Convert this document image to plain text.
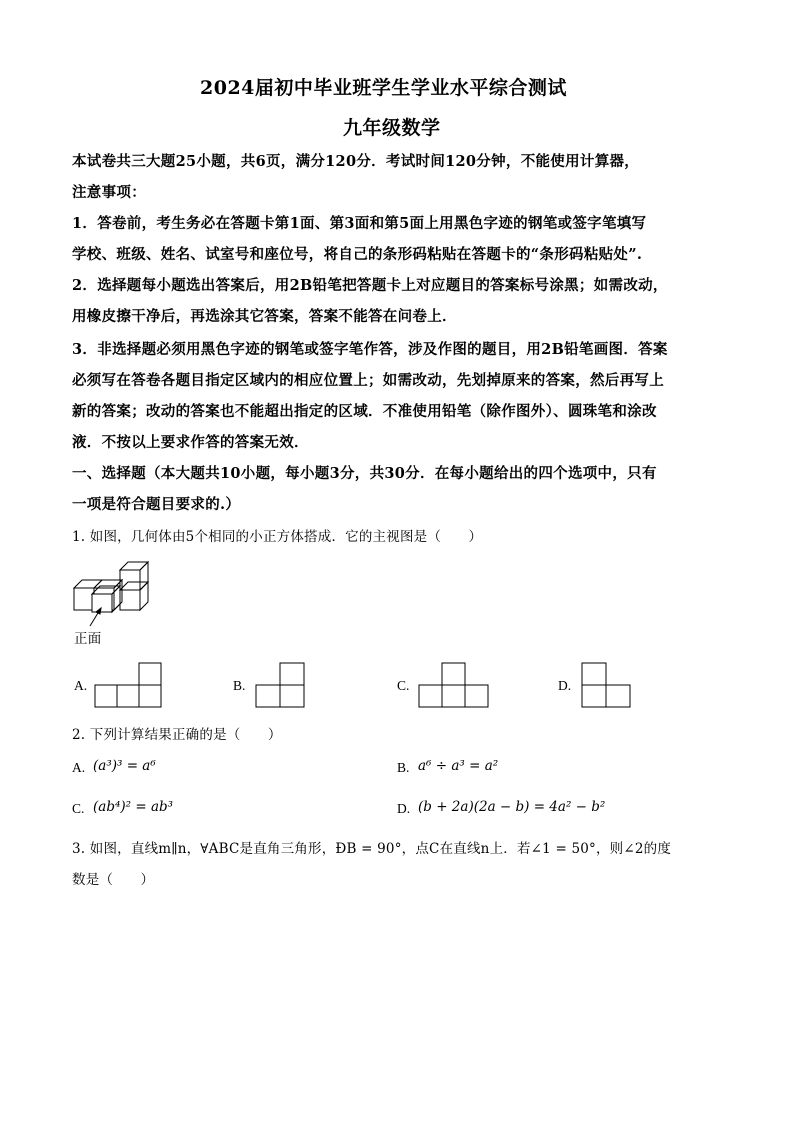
2024届初中毕业班学生学业水平综合测试
九年级数学
本试卷共三大题25小题，共6页，满分120分．考试时间120分钟，不能使用计算器，
注意事项：
1．答卷前，考生务必在答题卡第1面、第3面和第5面上用黑色字迹的钢笔或签字笔填写
学校、班级、姓名、试室号和座位号，将自己的条形码粘贴在答题卡的“条形码粘贴处”.
2．选择题每小题选出答案后，用2B铅笔把答题卡上对应题目的答案标号涂黑；如需改动，
用橡皮擦干净后，再选涂其它答案，答案不能答在问卷上．
3．非选择题必须用黑色字迹的钢笔或签字笔作答，涉及作图的题目，用2B铅笔画图．答案
必须写在答卷各题目指定区域内的相应位置上；如需改动，先划掉原来的答案，然后再写上
新的答案；改动的答案也不能超出指定的区域．不准使用铅笔（除作图外）、圆珠笔和涂改
液．不按以上要求作答的答案无效．
一、选择题（本大题共10小题，每小题3分，共30分．在每小题给出的四个选项中，只有
一项是符合题目要求的.）
1. 如图，几何体由5个相同的小正方体搭成．它的主视图是（　　）
正面
A.	B.	C.	D.
2. 下列计算结果正确的是（　　）
A. (a³)³ = a⁶	B. a⁶ ÷ a³ = a²
C. (ab⁴)² = ab³	D. (b + 2a)(2a − b) = 4a² − b²
3. 如图，直线m∥n，∀ABC是直角三角形，ÐB = 90°，点C在直线n上．若∠1 = 50°，则∠2的度
数是（　　）
